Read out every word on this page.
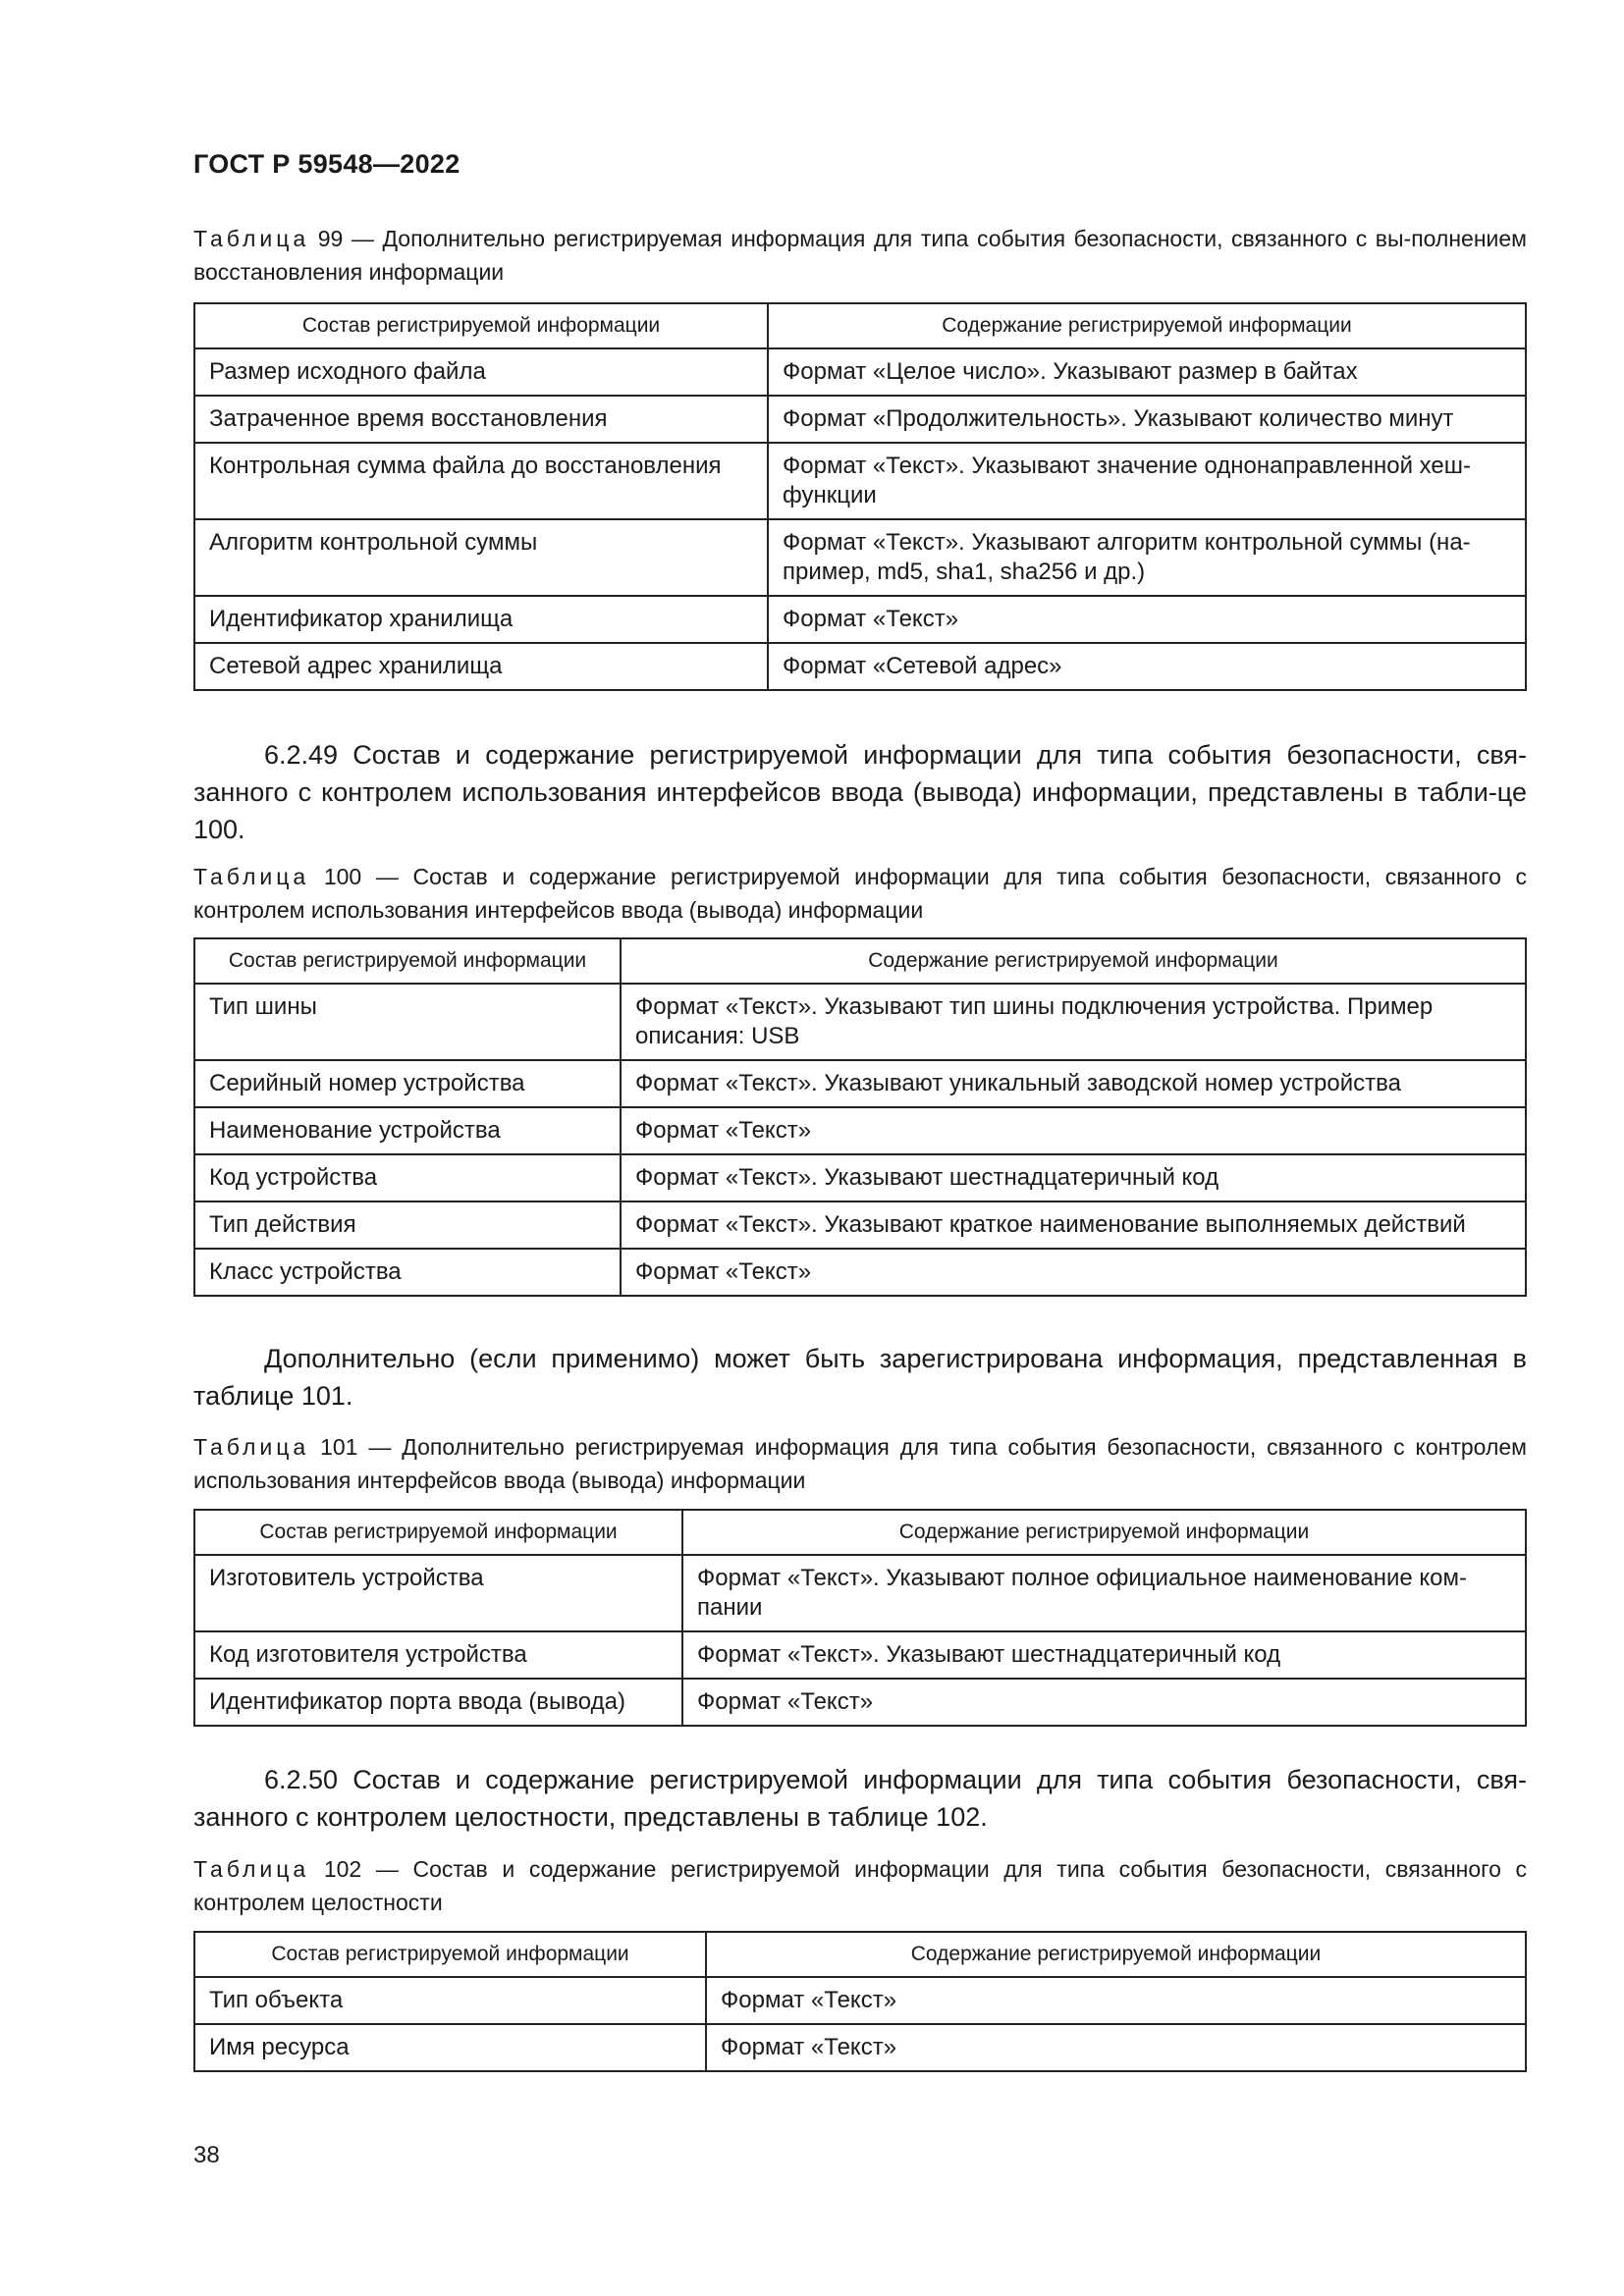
ГОСТ Р 59548—2022
Таблица 99 — Дополнительно регистрируемая информация для типа события безопасности, связанного с вы-полнением восстановления информации
Состав регистрируемой информации	Содержание регистрируемой информации
Размер исходного файла	Формат «Целое число». Указывают размер в байтах
Затраченное время восстановления	Формат «Продолжительность». Указывают количество минут
Контрольная сумма файла до восстановления	Формат «Текст». Указывают значение однонаправленной хеш-функции
Алгоритм контрольной суммы	Формат «Текст». Указывают алгоритм контрольной суммы (на-пример, md5, sha1, sha256 и др.)
Идентификатор хранилища	Формат «Текст»
Сетевой адрес хранилища	Формат «Сетевой адрес»
6.2.49 Состав и содержание регистрируемой информации для типа события безопасности, свя-занного с контролем использования интерфейсов ввода (вывода) информации, представлены в табли-це 100.
Таблица 100 — Состав и содержание регистрируемой информации для типа события безопасности, связанного с контролем использования интерфейсов ввода (вывода) информации
Состав регистрируемой информации	Содержание регистрируемой информации
Тип шины	Формат «Текст». Указывают тип шины подключения устройства. Пример описания: USB
Серийный номер устройства	Формат «Текст». Указывают уникальный заводской номер устройства
Наименование устройства	Формат «Текст»
Код устройства	Формат «Текст». Указывают шестнадцатеричный код
Тип действия	Формат «Текст». Указывают краткое наименование выполняемых действий
Класс устройства	Формат «Текст»
Дополнительно (если применимо) может быть зарегистрирована информация, представленная в таблице 101.
Таблица 101 — Дополнительно регистрируемая информация для типа события безопасности, связанного с контролем использования интерфейсов ввода (вывода) информации
Состав регистрируемой информации	Содержание регистрируемой информации
Изготовитель устройства	Формат «Текст». Указывают полное официальное наименование ком-пании
Код изготовителя устройства	Формат «Текст». Указывают шестнадцатеричный код
Идентификатор порта ввода (вывода)	Формат «Текст»
6.2.50 Состав и содержание регистрируемой информации для типа события безопасности, свя-занного с контролем целостности, представлены в таблице 102.
Таблица 102 — Состав и содержание регистрируемой информации для типа события безопасности, связанного с контролем целостности
Состав регистрируемой информации	Содержание регистрируемой информации
Тип объекта	Формат «Текст»
Имя ресурса	Формат «Текст»
38
